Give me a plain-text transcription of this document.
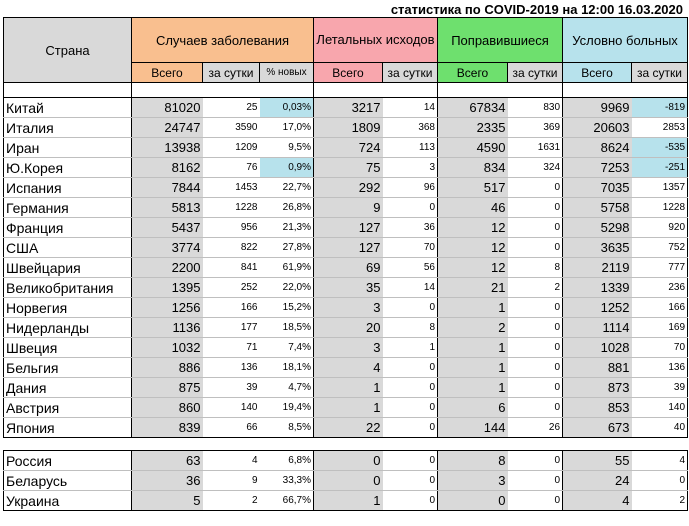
статистика по COVID-2019 на 12:00 16.03.2020
Страна	Случаев заболевания			Летальных исходов		Поправившиеся		Условно больных	
	Всего	за сутки	% новых	Всего	за сутки	Всего	за сутки	Всего	за сутки

Китай	81020	25	0,03%	3217	14	67834	830	9969	-819
Италия	24747	3590	17,0%	1809	368	2335	369	20603	2853
Иран	13938	1209	9,5%	724	113	4590	1631	8624	-535
Ю.Корея	8162	76	0,9%	75	3	834	324	7253	-251
Испания	7844	1453	22,7%	292	96	517	0	7035	1357
Германия	5813	1228	26,8%	9	0	46	0	5758	1228
Франция	5437	956	21,3%	127	36	12	0	5298	920
США	3774	822	27,8%	127	70	12	0	3635	752
Швейцария	2200	841	61,9%	69	56	12	8	2119	777
Великобритания	1395	252	22,0%	35	14	21	2	1339	236
Норвегия	1256	166	15,2%	3	0	1	0	1252	166
Нидерланды	1136	177	18,5%	20	8	2	0	1114	169
Швеция	1032	71	7,4%	3	1	1	0	1028	70
Бельгия	886	136	18,1%	4	0	1	0	881	136
Дания	875	39	4,7%	1	0	1	0	873	39
Австрия	860	140	19,4%	1	0	6	0	853	140
Япония	839	66	8,5%	22	0	144	26	673	40

Россия	63	4	6,8%	0	0	8	0	55	4
Беларусь	36	9	33,3%	0	0	3	0	24	0
Украина	5	2	66,7%	1	0	0	0	4	2
